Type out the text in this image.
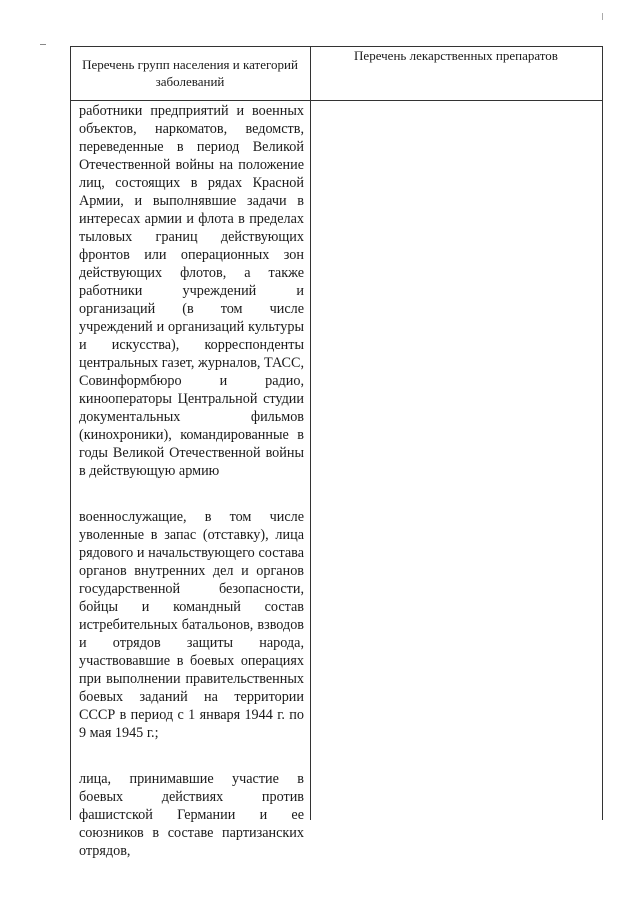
Перечень групп населения и категорий заболеваний
Перечень лекарственных препаратов

работники предприятий и военных объектов, наркоматов, ведомств, переведенные в период Великой Отечественной войны на положение лиц, состоящих в рядах Красной Армии, и выполнявшие задачи в интересах армии и флота в пределах тыловых границ действующих фронтов или операционных зон действующих флотов, а также работники учреждений и организаций (в том числе учреждений и организаций культуры и искусства), корреспонденты центральных газет, журналов, ТАСС, Совинформбюро и радио, кинооператоры Центральной студии документальных фильмов (кинохроники), командированные в годы Великой Отечественной войны в действующую армию

военнослужащие, в том числе уволенные в запас (отставку), лица рядового и начальствующего состава органов внутренних дел и органов государственной безопасности, бойцы и командный состав истребительных батальонов, взводов и отрядов защиты народа, участвовавшие в боевых операциях при выполнении правительственных боевых заданий на территории СССР в период с 1 января 1944 г. по 9 мая 1945 г.;

лица, принимавшие участие в боевых действиях против фашистской Германии и ее союзников в составе партизанских отрядов,
